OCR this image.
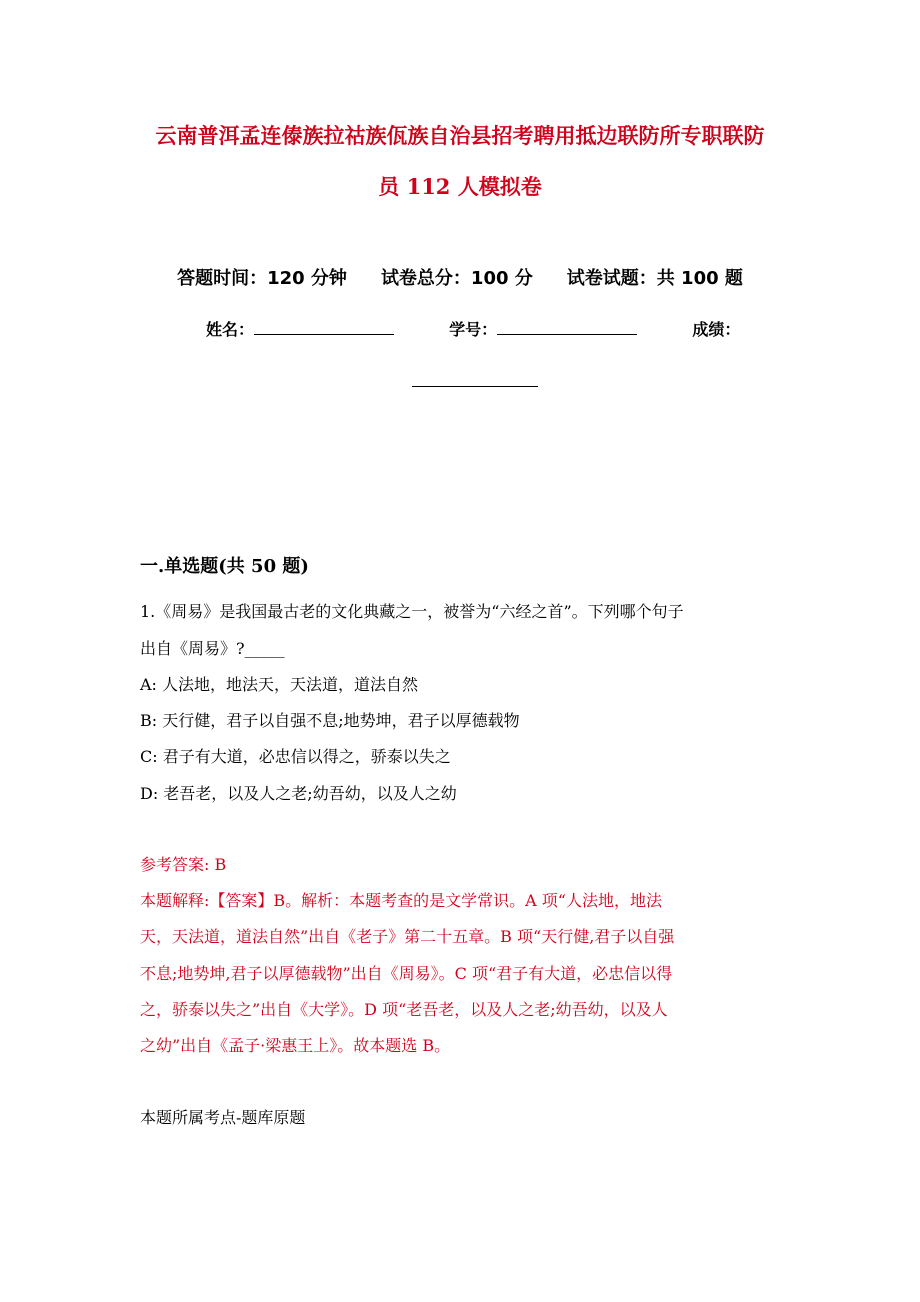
云南普洱孟连傣族拉祜族佤族自治县招考聘用抵边联防所专职联防
员 112 人模拟卷
答题时间：120 分钟 试卷总分：100 分 试卷试题：共 100 题
姓名：	学号：	成绩：
一.单选题(共 50 题)
1.《周易》是我国最古老的文化典藏之一，被誉为“六经之首”。下列哪个句子
出自《周易》?_____
A: 人法地，地法天，天法道，道法自然
B: 天行健，君子以自强不息;地势坤，君子以厚德载物
C: 君子有大道，必忠信以得之，骄泰以失之
D: 老吾老，以及人之老;幼吾幼，以及人之幼
参考答案: B
本题解释:【答案】B。解析：本题考查的是文学常识。A 项“人法地，地法
天，天法道，道法自然”出自《老子》第二十五章。B 项“天行健,君子以自强
不息;地势坤,君子以厚德载物”出自《周易》。C 项“君子有大道，必忠信以得
之，骄泰以失之”出自《大学》。D 项“老吾老，以及人之老;幼吾幼，以及人
之幼”出自《孟子·梁惠王上》。故本题选 B。
本题所属考点-题库原题
